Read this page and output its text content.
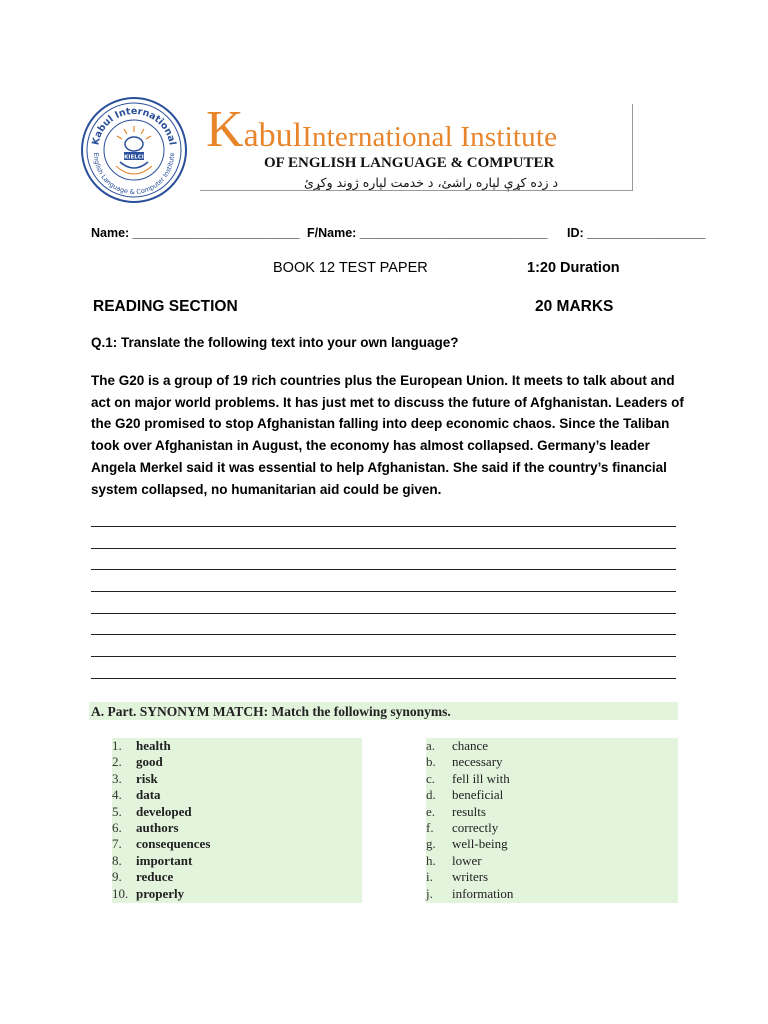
Kabul International
English Language & Computer Institute
KIELCI KabulInternational Institute
OF ENGLISH LANGUAGE & COMPUTER
د زده کړې لپاره راشئ، د خدمت لپاره ژوند وکړئ
Name: ________________________ F/Name: ___________________________ ID: _________________
BOOK 12 TEST PAPER	1:20 Duration
READING SECTION	20 MARKS
Q.1: Translate the following text into your own language?
The G20 is a group of 19 rich countries plus the European Union. It meets to talk about and
act on major world problems. It has just met to discuss the future of Afghanistan. Leaders of
the G20 promised to stop Afghanistan falling into deep economic chaos. Since the Taliban
took over Afghanistan in August, the economy has almost collapsed. Germany’s leader
Angela Merkel said it was essential to help Afghanistan. She said if the country’s financial
system collapsed, no humanitarian aid could be given.
A. Part. SYNONYM MATCH: Match the following synonyms.
1. health
2. good
3. risk
4. data
5. developed
6. authors
7. consequences
8. important
9. reduce
10. properly
a. chance
b. necessary
c. fell ill with
d. beneficial
e. results
f. correctly
g. well-being
h. lower
i. writers
j. information
